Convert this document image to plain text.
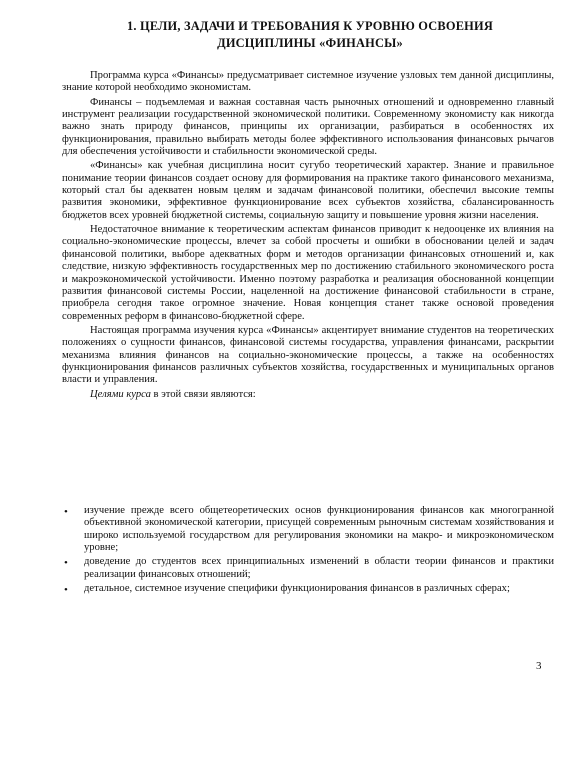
1. ЦЕЛИ, ЗАДАЧИ И ТРЕБОВАНИЯ К УРОВНЮ ОСВОЕНИЯ
ДИСЦИПЛИНЫ «ФИНАНСЫ»

Программа курса «Финансы» предусматривает системное изучение узловых тем данной дисциплины, знание которой необходимо экономистам.

Финансы – подъемлемая и важная составная часть рыночных отношений и одновременно главный инструмент реализации государственной экономической политики. Современному экономисту как никогда важно знать природу финансов, принципы их организации, разбираться в особенностях их функционирования, правильно выбирать методы более эффективного использования финансовых рычагов для обеспечения устойчивости и стабильности экономической среды.

«Финансы» как учебная дисциплина носит сугубо теоретический характер. Знание и правильное понимание теории финансов создает основу для формирования на практике такого финансового механизма, который стал бы адекватен новым целям и задачам финансовой политики, обеспечил высокие темпы развития экономики, эффективное функционирование всех субъектов хозяйства, сбалансированность бюджетов всех уровней бюджетной системы, социальную защиту и повышение уровня жизни населения.

Недостаточное внимание к теоретическим аспектам финансов приводит к недооценке их влияния на социально-экономические процессы, влечет за собой просчеты и ошибки в обосновании целей и задач финансовой политики, выборе адекватных форм и методов организации финансовых отношений и, как следствие, низкую эффективность государственных мер по достижению стабильного экономического роста и макроэкономической устойчивости. Именно поэтому разработка и реализация обоснованной концепции развития финансовой системы России, нацеленной на достижение финансовой стабильности в стране, приобрела сегодня такое огромное значение. Новая концепция станет также основой проведения современных реформ в финансово-бюджетной сфере.

Настоящая программа изучения курса «Финансы» акцентирует внимание студентов на теоретических положениях о сущности финансов, финансовой системы государства, управления финансами, раскрытии механизма влияния финансов на социально-экономические процессы, а также на особенностях функционирования финансов различных субъектов хозяйства, государственных и муниципальных органов власти и управления.

Целями курса в этой связи являются:

• изучение прежде всего общетеоретических основ функционирования финансов как многогранной объективной экономической категории, присущей современным рыночным системам хозяйствования и широко используемой государством для регулирования экономики на макро- и микроэкономическом уровне;
• доведение до студентов всех принципиальных изменений в области теории финансов и практики реализации финансовых отношений;
• детальное, системное изучение специфики функционирования финансов в различных сферах;
3
